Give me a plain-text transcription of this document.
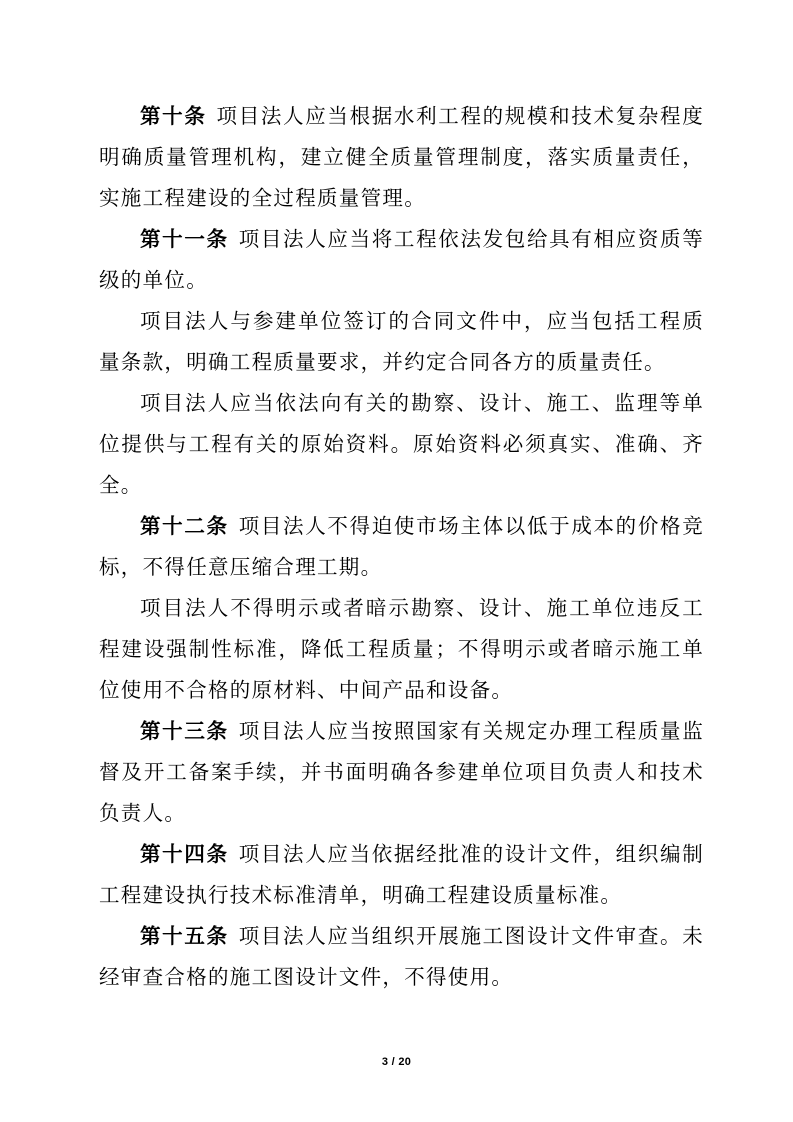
第十条 项目法人应当根据水利工程的规模和技术复杂程度明确质量管理机构，建立健全质量管理制度，落实质量责任，实施工程建设的全过程质量管理。

第十一条 项目法人应当将工程依法发包给具有相应资质等级的单位。

项目法人与参建单位签订的合同文件中，应当包括工程质量条款，明确工程质量要求，并约定合同各方的质量责任。

项目法人应当依法向有关的勘察、设计、施工、监理等单位提供与工程有关的原始资料。原始资料必须真实、准确、齐全。

第十二条 项目法人不得迫使市场主体以低于成本的价格竞标，不得任意压缩合理工期。

项目法人不得明示或者暗示勘察、设计、施工单位违反工程建设强制性标准，降低工程质量；不得明示或者暗示施工单位使用不合格的原材料、中间产品和设备。

第十三条 项目法人应当按照国家有关规定办理工程质量监督及开工备案手续，并书面明确各参建单位项目负责人和技术负责人。

第十四条 项目法人应当依据经批准的设计文件，组织编制工程建设执行技术标准清单，明确工程建设质量标准。

第十五条 项目法人应当组织开展施工图设计文件审查。未经审查合格的施工图设计文件，不得使用。

3 / 20
